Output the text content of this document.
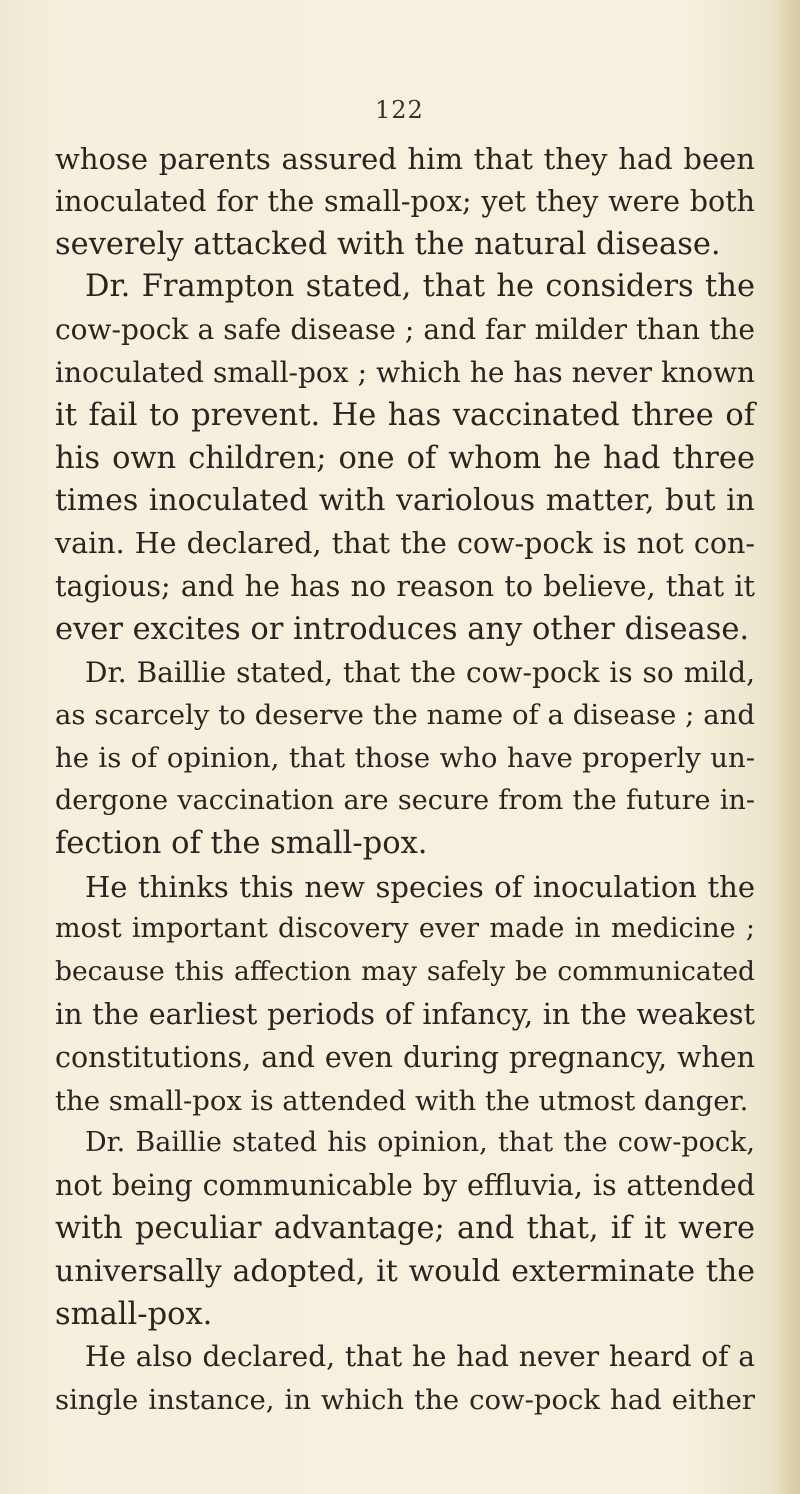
122
whose parents assured him that they had been
inoculated for the small-pox; yet they were both
severely attacked with the natural disease.
Dr. Frampton stated, that he considers the
cow-pock a safe disease ; and far milder than the
inoculated small-pox ; which he has never known
it fail to prevent. He has vaccinated three of
his own children; one of whom he had three
times inoculated with variolous matter, but in
vain. He declared, that the cow-pock is not con-
tagious; and he has no reason to believe, that it
ever excites or introduces any other disease.
Dr. Baillie stated, that the cow-pock is so mild,
as scarcely to deserve the name of a disease ; and
he is of opinion, that those who have properly un-
dergone vaccination are secure from the future in-
fection of the small-pox.
He thinks this new species of inoculation the
most important discovery ever made in medicine ;
because this affection may safely be communicated
in the earliest periods of infancy, in the weakest
constitutions, and even during pregnancy, when
the small-pox is attended with the utmost danger.
Dr. Baillie stated his opinion, that the cow-pock,
not being communicable by effluvia, is attended
with peculiar advantage; and that, if it were
universally adopted, it would exterminate the
small-pox.
He also declared, that he had never heard of a
single instance, in which the cow-pock had either
